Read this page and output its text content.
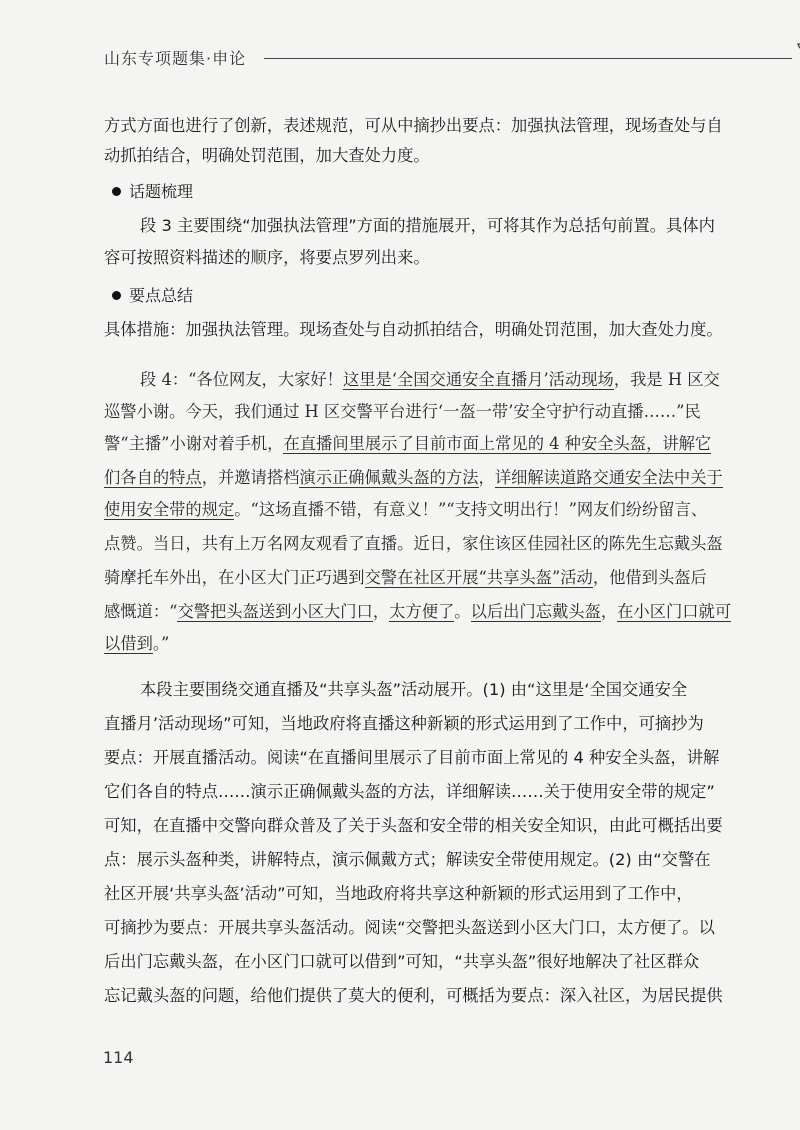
山东专项题集·申论
方式方面也进行了创新，表述规范，可从中摘抄出要点：加强执法管理，现场查处与自
动抓拍结合，明确处罚范围，加大查处力度。
话题梳理
段 3 主要围绕“加强执法管理”方面的措施展开，可将其作为总括句前置。具体内
容可按照资料描述的顺序，将要点罗列出来。
要点总结
具体措施：加强执法管理。现场查处与自动抓拍结合，明确处罚范围，加大查处力度。
段 4：“各位网友，大家好！这里是‘全国交通安全直播月’活动现场，我是 H 区交
巡警小谢。今天，我们通过 H 区交警平台进行‘一盔一带’安全守护行动直播……”民
警“主播”小谢对着手机，在直播间里展示了目前市面上常见的 4 种安全头盔，讲解它
们各自的特点，并邀请搭档演示正确佩戴头盔的方法，详细解读道路交通安全法中关于
使用安全带的规定。“这场直播不错，有意义！”“支持文明出行！”网友们纷纷留言、
点赞。当日，共有上万名网友观看了直播。近日，家住该区佳园社区的陈先生忘戴头盔
骑摩托车外出，在小区大门正巧遇到交警在社区开展“共享头盔”活动，他借到头盔后
感慨道：“交警把头盔送到小区大门口，太方便了。以后出门忘戴头盔，在小区门口就可
以借到。”
本段主要围绕交通直播及“共享头盔”活动展开。(1) 由“这里是‘全国交通安全
直播月’活动现场”可知，当地政府将直播这种新颖的形式运用到了工作中，可摘抄为
要点：开展直播活动。阅读“在直播间里展示了目前市面上常见的 4 种安全头盔，讲解
它们各自的特点……演示正确佩戴头盔的方法，详细解读……关于使用安全带的规定”
可知，在直播中交警向群众普及了关于头盔和安全带的相关安全知识，由此可概括出要
点：展示头盔种类，讲解特点，演示佩戴方式；解读安全带使用规定。(2) 由“交警在
社区开展‘共享头盔’活动”可知，当地政府将共享这种新颖的形式运用到了工作中，
可摘抄为要点：开展共享头盔活动。阅读“交警把头盔送到小区大门口，太方便了。以
后出门忘戴头盔，在小区门口就可以借到”可知，“共享头盔”很好地解决了社区群众
忘记戴头盔的问题，给他们提供了莫大的便利，可概括为要点：深入社区，为居民提供
114
